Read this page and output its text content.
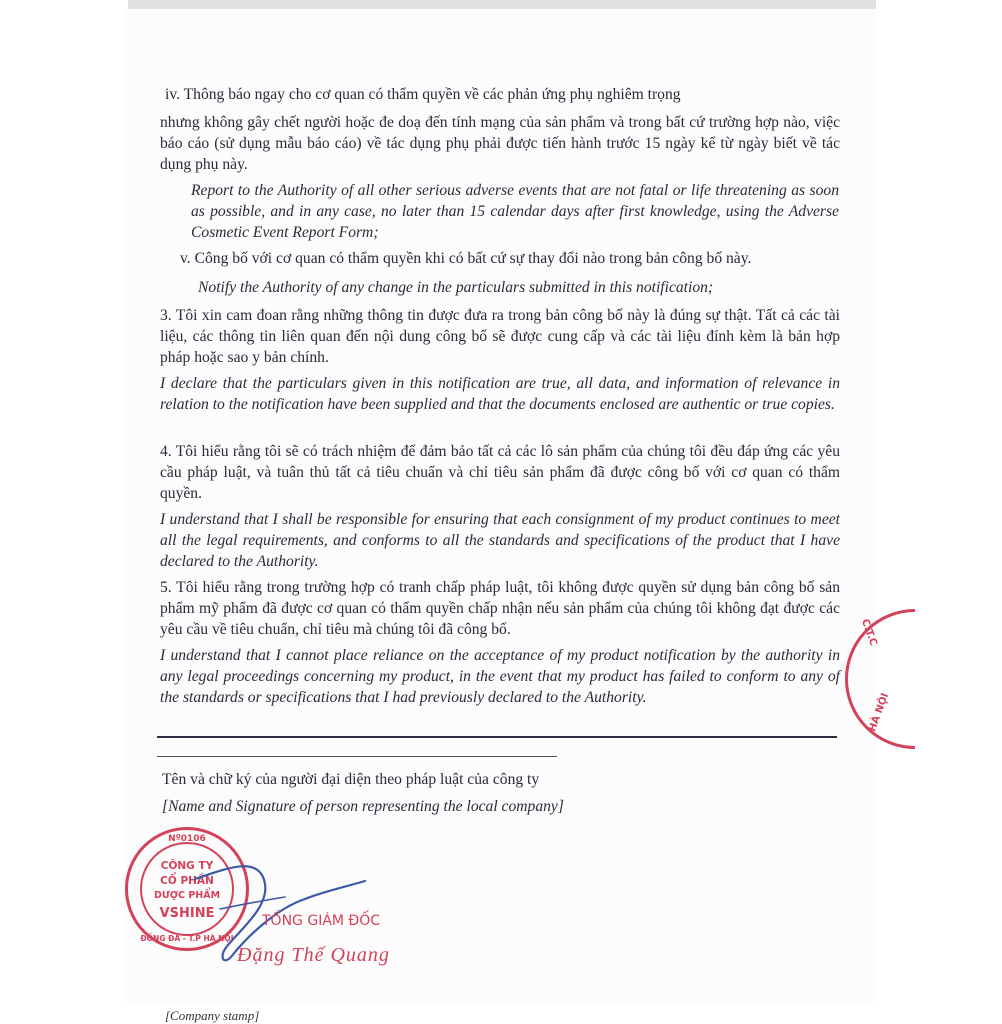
iv. Thông báo ngay cho cơ quan có thẩm quyền về các phản ứng phụ nghiêm trọng

nhưng không gây chết người hoặc đe doạ đến tính mạng của sản phẩm và trong bất cứ trường hợp nào, việc báo cáo (sử dụng mẫu báo cáo) về tác dụng phụ phải được tiến hành trước 15 ngày kể từ ngày biết về tác dụng phụ này.

Report to the Authority of all other serious adverse events that are not fatal or life threatening as soon as possible, and in any case, no later than 15 calendar days after first knowledge, using the Adverse Cosmetic Event Report Form;

v. Công bố với cơ quan có thẩm quyền khi có bất cứ sự thay đổi nào trong bản công bố này.

Notify the Authority of any change in the particulars submitted in this notification;

3. Tôi xin cam đoan rằng những thông tin được đưa ra trong bản công bố này là đúng sự thật. Tất cả các tài liệu, các thông tin liên quan đến nội dung công bố sẽ được cung cấp và các tài liệu đính kèm là bản hợp pháp hoặc sao y bản chính.

I declare that the particulars given in this notification are true, all data, and information of relevance in relation to the notification have been supplied and that the documents enclosed are authentic or true copies.

4. Tôi hiểu rằng tôi sẽ có trách nhiệm để đảm bảo tất cả các lô sản phẩm của chúng tôi đều đáp ứng các yêu cầu pháp luật, và tuân thủ tất cả tiêu chuẩn và chỉ tiêu sản phẩm đã được công bố với cơ quan có thẩm quyền.

I understand that I shall be responsible for ensuring that each consignment of my product continues to meet all the legal requirements, and conforms to all the standards and specifications of the product that I have declared to the Authority.

5. Tôi hiểu rằng trong trường hợp có tranh chấp pháp luật, tôi không được quyền sử dụng bản công bố sản phẩm mỹ phẩm đã được cơ quan có thẩm quyền chấp nhận nếu sản phẩm của chúng tôi không đạt được các yêu cầu về tiêu chuẩn, chỉ tiêu mà chúng tôi đã công bố.

I understand that I cannot place reliance on the acceptance of my product notification by the authority in any legal proceedings concerning my product, in the event that my product has failed to conform to any of the standards or specifications that I had previously declared to the Authority.

Tên và chữ ký của người đại diện theo pháp luật của công ty

[Name and Signature of person representing the local company]

C.T.C
HÀ NỘI
Nº0106
CÔNG TY
CỔ PHẦN
DƯỢC PHẨM
VSHINE
ĐỐNG ĐA - T.P HÀ NỘI
TỔNG GIÁM ĐỐC
Đặng Thế Quang

[Company stamp]
